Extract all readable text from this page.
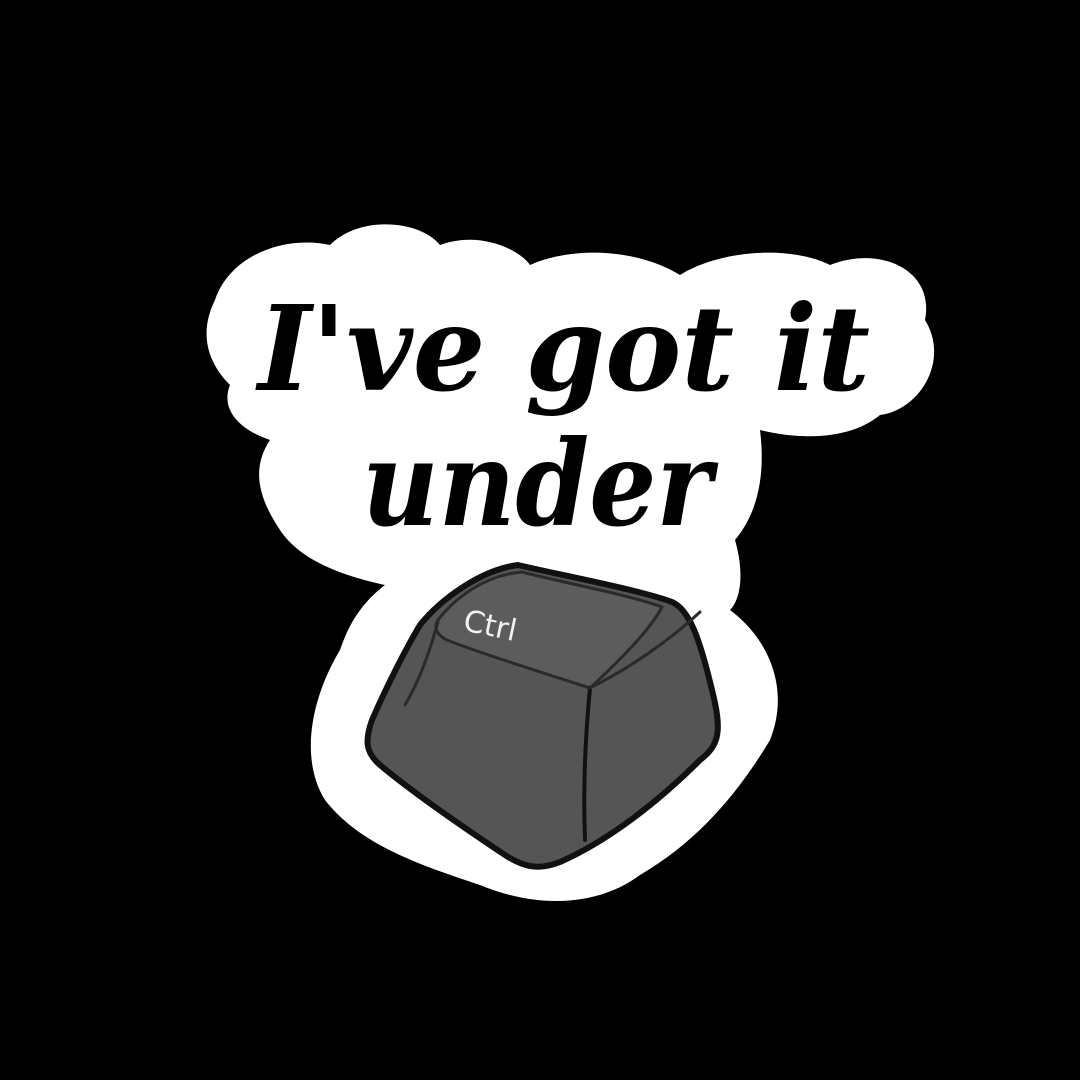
I've got it
under
Ctrl
